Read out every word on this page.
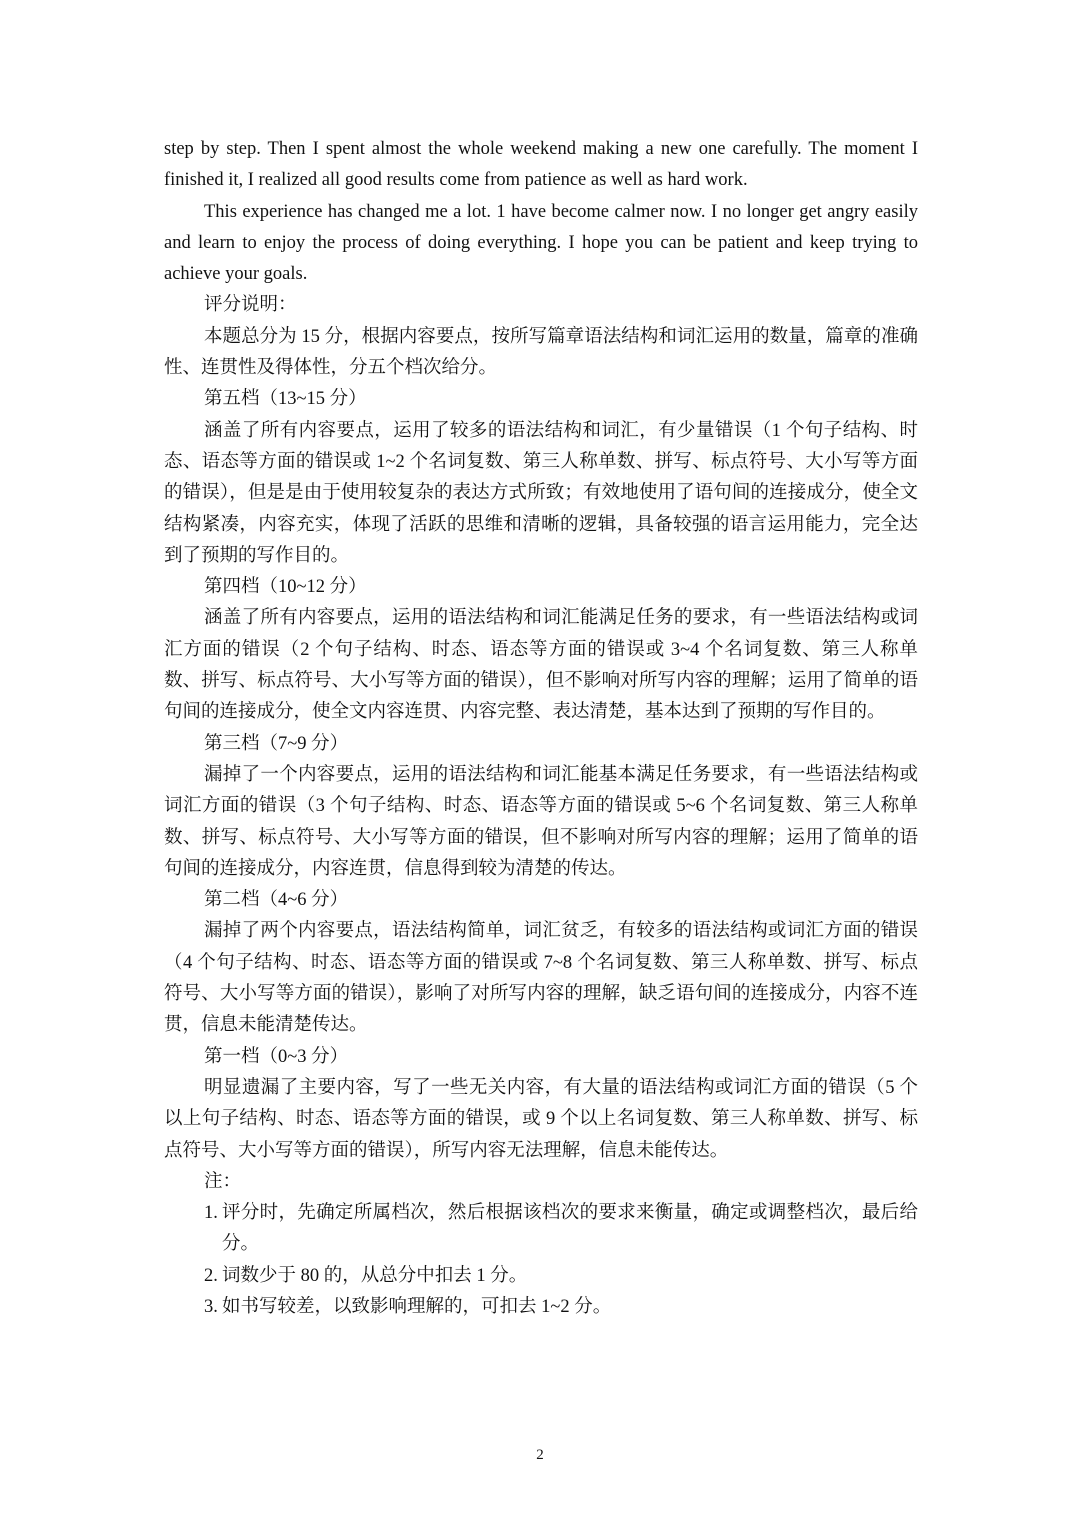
step by step. Then I spent almost the whole weekend making a new one carefully. The moment I finished it, I realized all good results come from patience as well as hard work.

This experience has changed me a lot. 1 have become calmer now. I no longer get angry easily and learn to enjoy the process of doing everything. I hope you can be patient and keep trying to achieve your goals.

评分说明：

本题总分为 15 分，根据内容要点，按所写篇章语法结构和词汇运用的数量，篇章的准确性、连贯性及得体性，分五个档次给分。

第五档（13~15 分）

涵盖了所有内容要点，运用了较多的语法结构和词汇，有少量错误（1 个句子结构、时态、语态等方面的错误或 1~2 个名词复数、第三人称单数、拼写、标点符号、大小写等方面的错误），但是是由于使用较复杂的表达方式所致；有效地使用了语句间的连接成分，使全文结构紧凑，内容充实，体现了活跃的思维和清晰的逻辑，具备较强的语言运用能力，完全达到了预期的写作目的。

第四档（10~12 分）

涵盖了所有内容要点，运用的语法结构和词汇能满足任务的要求，有一些语法结构或词汇方面的错误（2 个句子结构、时态、语态等方面的错误或 3~4 个名词复数、第三人称单数、拼写、标点符号、大小写等方面的错误），但不影响对所写内容的理解；运用了简单的语句间的连接成分，使全文内容连贯、内容完整、表达清楚，基本达到了预期的写作目的。

第三档（7~9 分）

漏掉了一个内容要点，运用的语法结构和词汇能基本满足任务要求，有一些语法结构或词汇方面的错误（3 个句子结构、时态、语态等方面的错误或 5~6 个名词复数、第三人称单数、拼写、标点符号、大小写等方面的错误，但不影响对所写内容的理解；运用了简单的语句间的连接成分，内容连贯，信息得到较为清楚的传达。

第二档（4~6 分）

漏掉了两个内容要点，语法结构简单，词汇贫乏，有较多的语法结构或词汇方面的错误（4 个句子结构、时态、语态等方面的错误或 7~8 个名词复数、第三人称单数、拼写、标点符号、大小写等方面的错误），影响了对所写内容的理解，缺乏语句间的连接成分，内容不连贯，信息未能清楚传达。

第一档（0~3 分）

明显遗漏了主要内容，写了一些无关内容，有大量的语法结构或词汇方面的错误（5 个以上句子结构、时态、语态等方面的错误，或 9 个以上名词复数、第三人称单数、拼写、标点符号、大小写等方面的错误），所写内容无法理解，信息未能传达。

注：

1. 评分时，先确定所属档次，然后根据该档次的要求来衡量，确定或调整档次，最后给分。
2. 词数少于 80 的，从总分中扣去 1 分。
3. 如书写较差，以致影响理解的，可扣去 1~2 分。
2
